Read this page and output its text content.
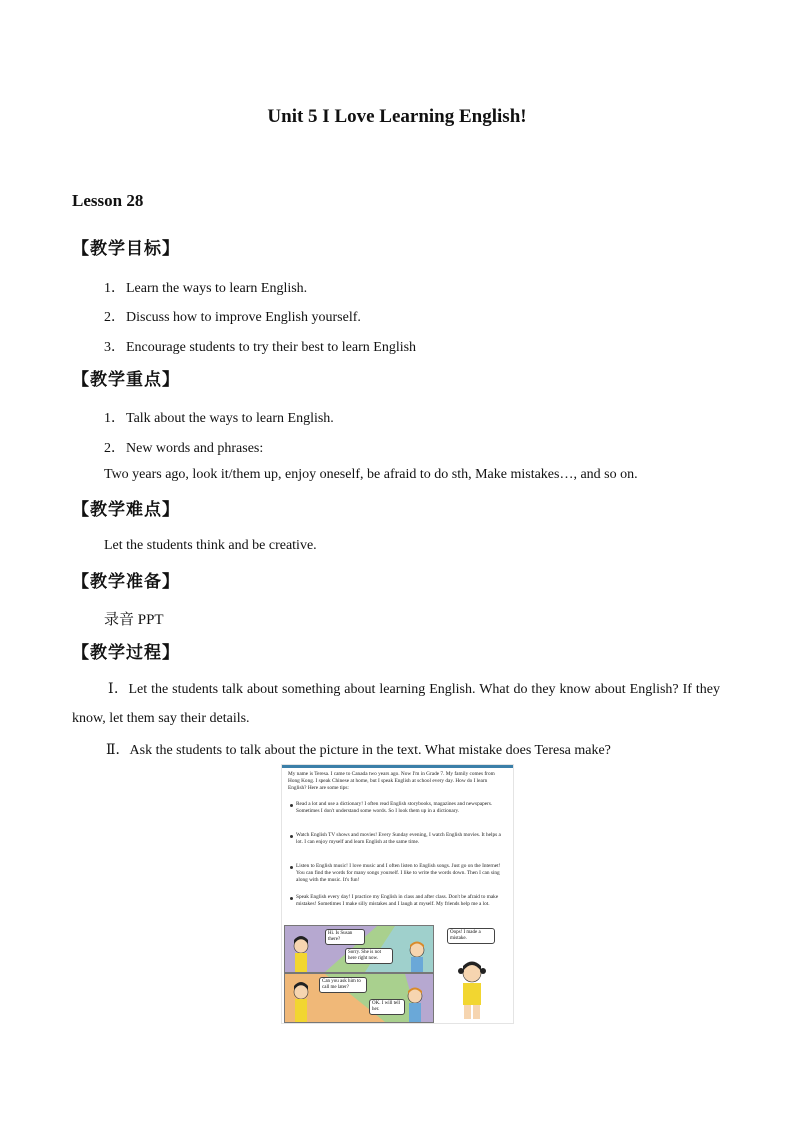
Unit 5 I Love Learning English!
Lesson 28
【教学目标】
1．Learn the ways to learn English.
2．Discuss how to improve English yourself.
3．Encourage students to try their best to learn English
【教学重点】
1．Talk about the ways to learn English.
2．New words and phrases:
Two years ago, look it/them up, enjoy oneself, be afraid to do sth, Make mistakes…, and so on.
【教学难点】
Let the students think and be creative.
【教学准备】
录音 PPT
【教学过程】
Ⅰ．Let the students talk about something about learning English. What do they know about English? If they know, let them say their details.
Ⅱ．Ask the students to talk about the picture in the text. What mistake does Teresa make?
My name is Teresa. I came to Canada two years ago. Now I'm in Grade 7. My family comes from Hong Kong. I speak Chinese at home, but I speak English at school every day. How do I learn English? Here are some tips:
Read a lot and use a dictionary! I often read English storybooks, magazines and newspapers. Sometimes I don't understand some words. So I look them up in a dictionary.
Watch English TV shows and movies! Every Sunday evening, I watch English movies. It helps a lot. I can enjoy myself and learn English at the same time.
Listen to English music! I love music and I often listen to English songs. Just go on the Internet! You can find the words for many songs yourself. I like to write the words down. Then I can sing along with the music. It's fun!
Speak English every day! I practice my English in class and after class. Don't be afraid to make mistakes! Sometimes I make silly mistakes and I laugh at myself. My friends help me a lot.
Hi. Is Susan there?
Sorry. She is not here right now.
Can you ask him to call me later?
OK. I will tell her.
Oops! I made a mistake.
